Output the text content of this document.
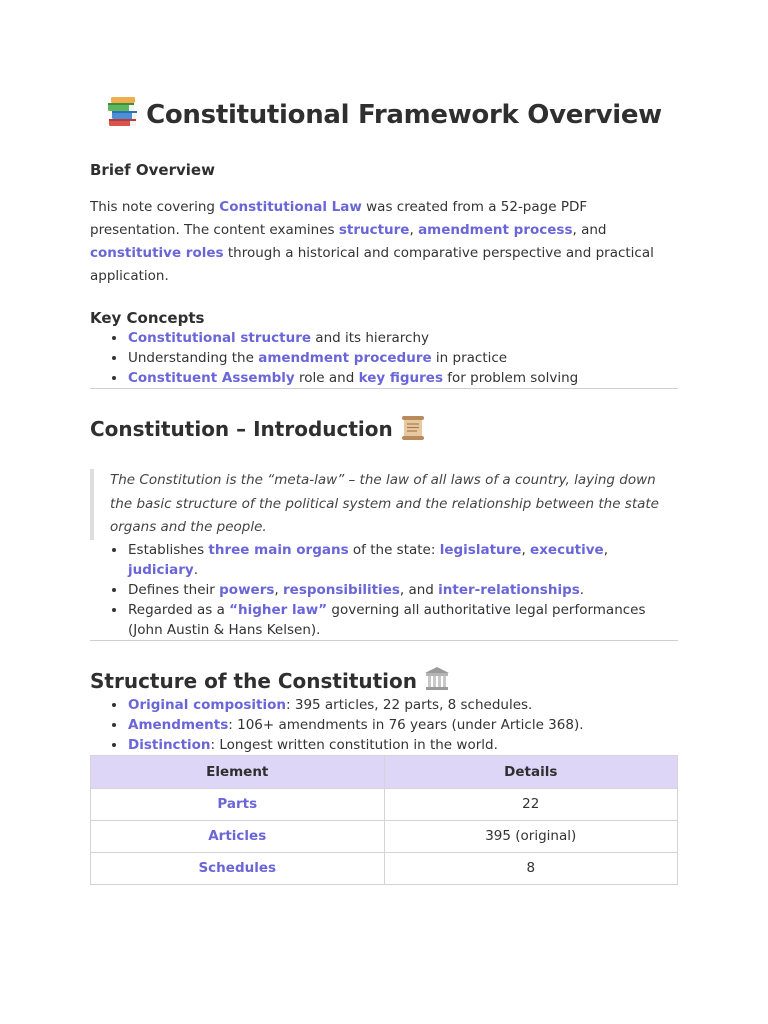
Constitutional Framework Overview
Brief Overview

This note covering Constitutional Law was created from a 52-page PDF presentation. The content examines structure, amendment process, and constitutive roles through a historical and comparative perspective and practical application.

Key Concepts
Constitutional structure and its hierarchy
Understanding the amendment procedure in practice
Constituent Assembly role and key figures for problem solving
Constitution – Introduction
The Constitution is the “meta-law” – the law of all laws of a country, laying down the basic structure of the political system and the relationship between the state organs and the people.
Establishes three main organs of the state: legislature, executive, judiciary.
Defines their powers, responsibilities, and inter-relationships.
Regarded as a “higher law” governing all authoritative legal performances (John Austin & Hans Kelsen).
Structure of the Constitution
Original composition: 395 articles, 22 parts, 8 schedules.
Amendments: 106+ amendments in 76 years (under Article 368).
Distinction: Longest written constitution in the world.
Element	Details
Parts	22
Articles	395 (original)
Schedules	8
